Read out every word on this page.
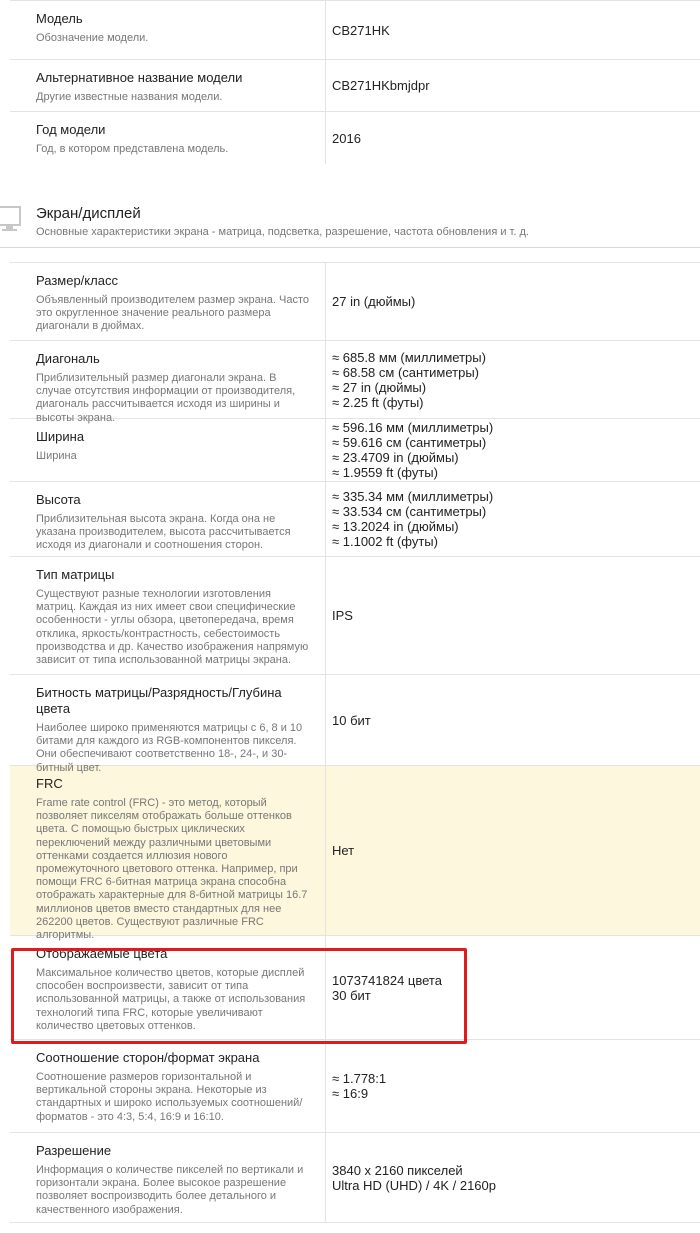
Модель
Обозначение модели.
CB271HK
Альтернативное название модели
Другие известные названия модели.
CB271HKbmjdpr
Год модели
Год, в котором представлена модель.
2016
Экран/дисплей
Основные характеристики экрана - матрица, подсветка, разрешение, частота обновления и т. д.
Размер/класс
Объявленный производителем размер экрана. Часто это округленное значение реального размера диагонали в дюймах.
27 in (дюймы)
Диагональ
Приблизительный размер диагонали экрана. В случае отсутствия информации от производителя, диагональ рассчитывается исходя из ширины и высоты экрана.
≈ 685.8 мм (миллиметры)
≈ 68.58 см (сантиметры)
≈ 27 in (дюймы)
≈ 2.25 ft (футы)
Ширина
Ширина
≈ 596.16 мм (миллиметры)
≈ 59.616 см (сантиметры)
≈ 23.4709 in (дюймы)
≈ 1.9559 ft (футы)
Высота
Приблизительная высота экрана. Когда она не указана производителем, высота рассчитывается исходя из диагонали и соотношения сторон.
≈ 335.34 мм (миллиметры)
≈ 33.534 см (сантиметры)
≈ 13.2024 in (дюймы)
≈ 1.1002 ft (футы)
Тип матрицы
Существуют разные технологии изготовления матриц. Каждая из них имеет свои специфические особенности - углы обзора, цветопередача, время отклика, яркость/контрастность, себестоимость производства и др. Качество изображения напрямую зависит от типа использованной матрицы экрана.
IPS
Битность матрицы/Разрядность/Глубина цвета
Наиболее широко применяются матрицы с 6, 8 и 10 битами для каждого из RGB-компонентов пикселя. Они обеспечивают соответственно 18-, 24-, и 30-битный цвет.
10 бит
FRC
Frame rate control (FRC) - это метод, который позволяет пикселям отображать больше оттенков цвета. С помощью быстрых циклических переключений между различными цветовыми оттенками создается иллюзия нового промежуточного цветового оттенка. Например, при помощи FRC 6-битная матрица экрана способна отображать характерные для 8-битной матрицы 16.7 миллионов цветов вместо стандартных для нее 262200 цветов. Существуют различные FRC алгоритмы.
Нет
Отображаемые цвета
Максимальное количество цветов, которые дисплей способен воспроизвести, зависит от типа использованной матрицы, а также от использования технологий типа FRC, которые увеличивают количество цветовых оттенков.
1073741824 цвета
30 бит
Соотношение сторон/формат экрана
Соотношение размеров горизонтальной и вертикальной стороны экрана. Некоторые из стандартных и широко используемых соотношений/форматов - это 4:3, 5:4, 16:9 и 16:10.
≈ 1.778:1
≈ 16:9
Разрешение
Информация о количестве пикселей по вертикали и горизонтали экрана. Более высокое разрешение позволяет воспроизводить более детального и качественного изображения.
3840 x 2160 пикселей
Ultra HD (UHD) / 4K / 2160p
